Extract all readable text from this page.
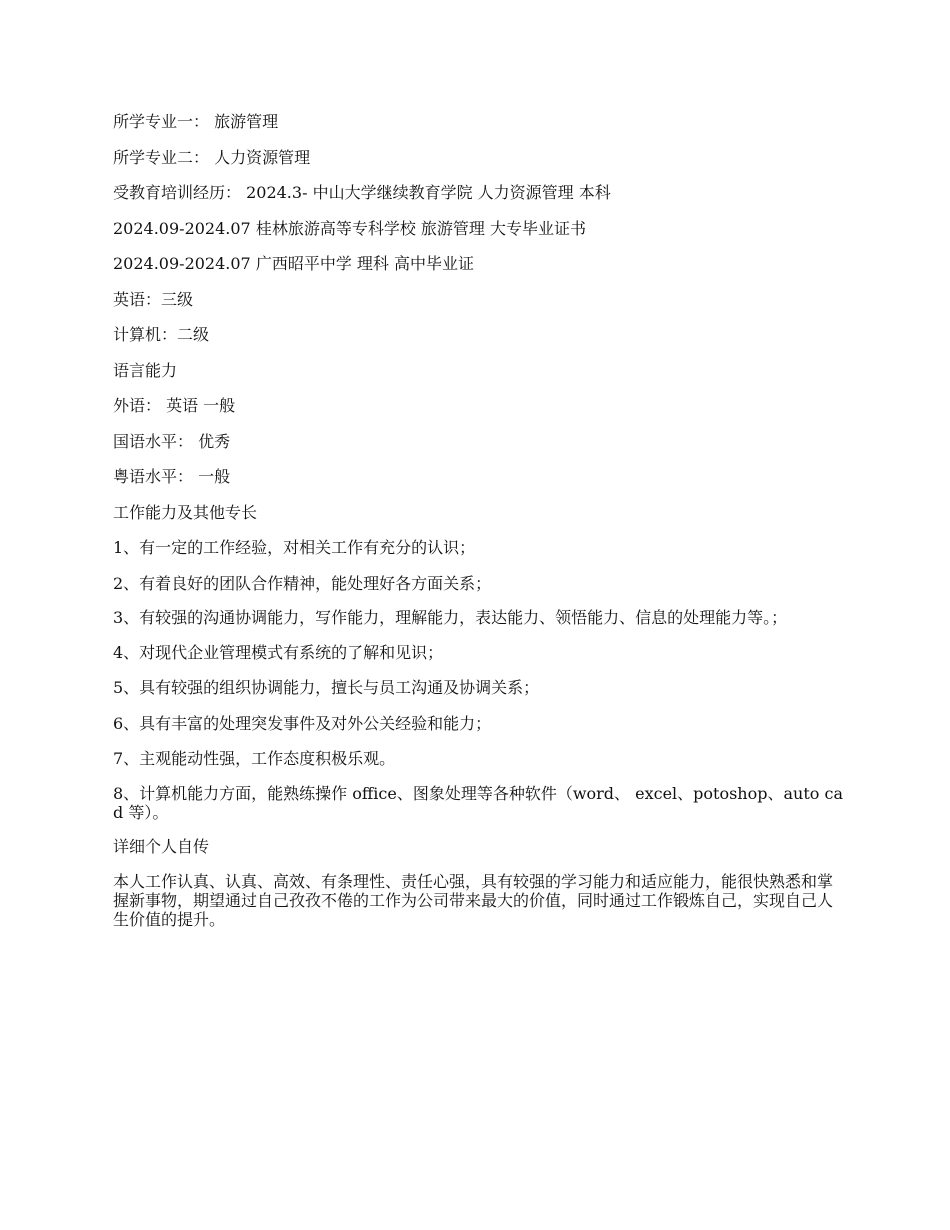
所学专业一： 旅游管理

所学专业二： 人力资源管理

受教育培训经历： 2024.3- 中山大学继续教育学院 人力资源管理 本科

2024.09-2024.07 桂林旅游高等专科学校 旅游管理 大专毕业证书

2024.09-2024.07 广西昭平中学 理科 高中毕业证

英语：三级

计算机：二级

语言能力

外语： 英语 一般

国语水平： 优秀

粤语水平： 一般

工作能力及其他专长

1、有一定的工作经验，对相关工作有充分的认识；

2、有着良好的团队合作精神，能处理好各方面关系；

3、有较强的沟通协调能力，写作能力，理解能力，表达能力、领悟能力、信息的处理能力等。；

4、对现代企业管理模式有系统的了解和见识；

5、具有较强的组织协调能力，擅长与员工沟通及协调关系；

6、具有丰富的处理突发事件及对外公关经验和能力；

7、主观能动性强，工作态度积极乐观。

8、计算机能力方面，能熟练操作 office、图象处理等各种软件（word、 excel、potoshop、auto cad 等）。

详细个人自传

本人工作认真、认真、高效、有条理性、责任心强，具有较强的学习能力和适应能力，能很快熟悉和掌握新事物，期望通过自己孜孜不倦的工作为公司带来最大的价值，同时通过工作锻炼自己，实现自己人生价值的提升。
